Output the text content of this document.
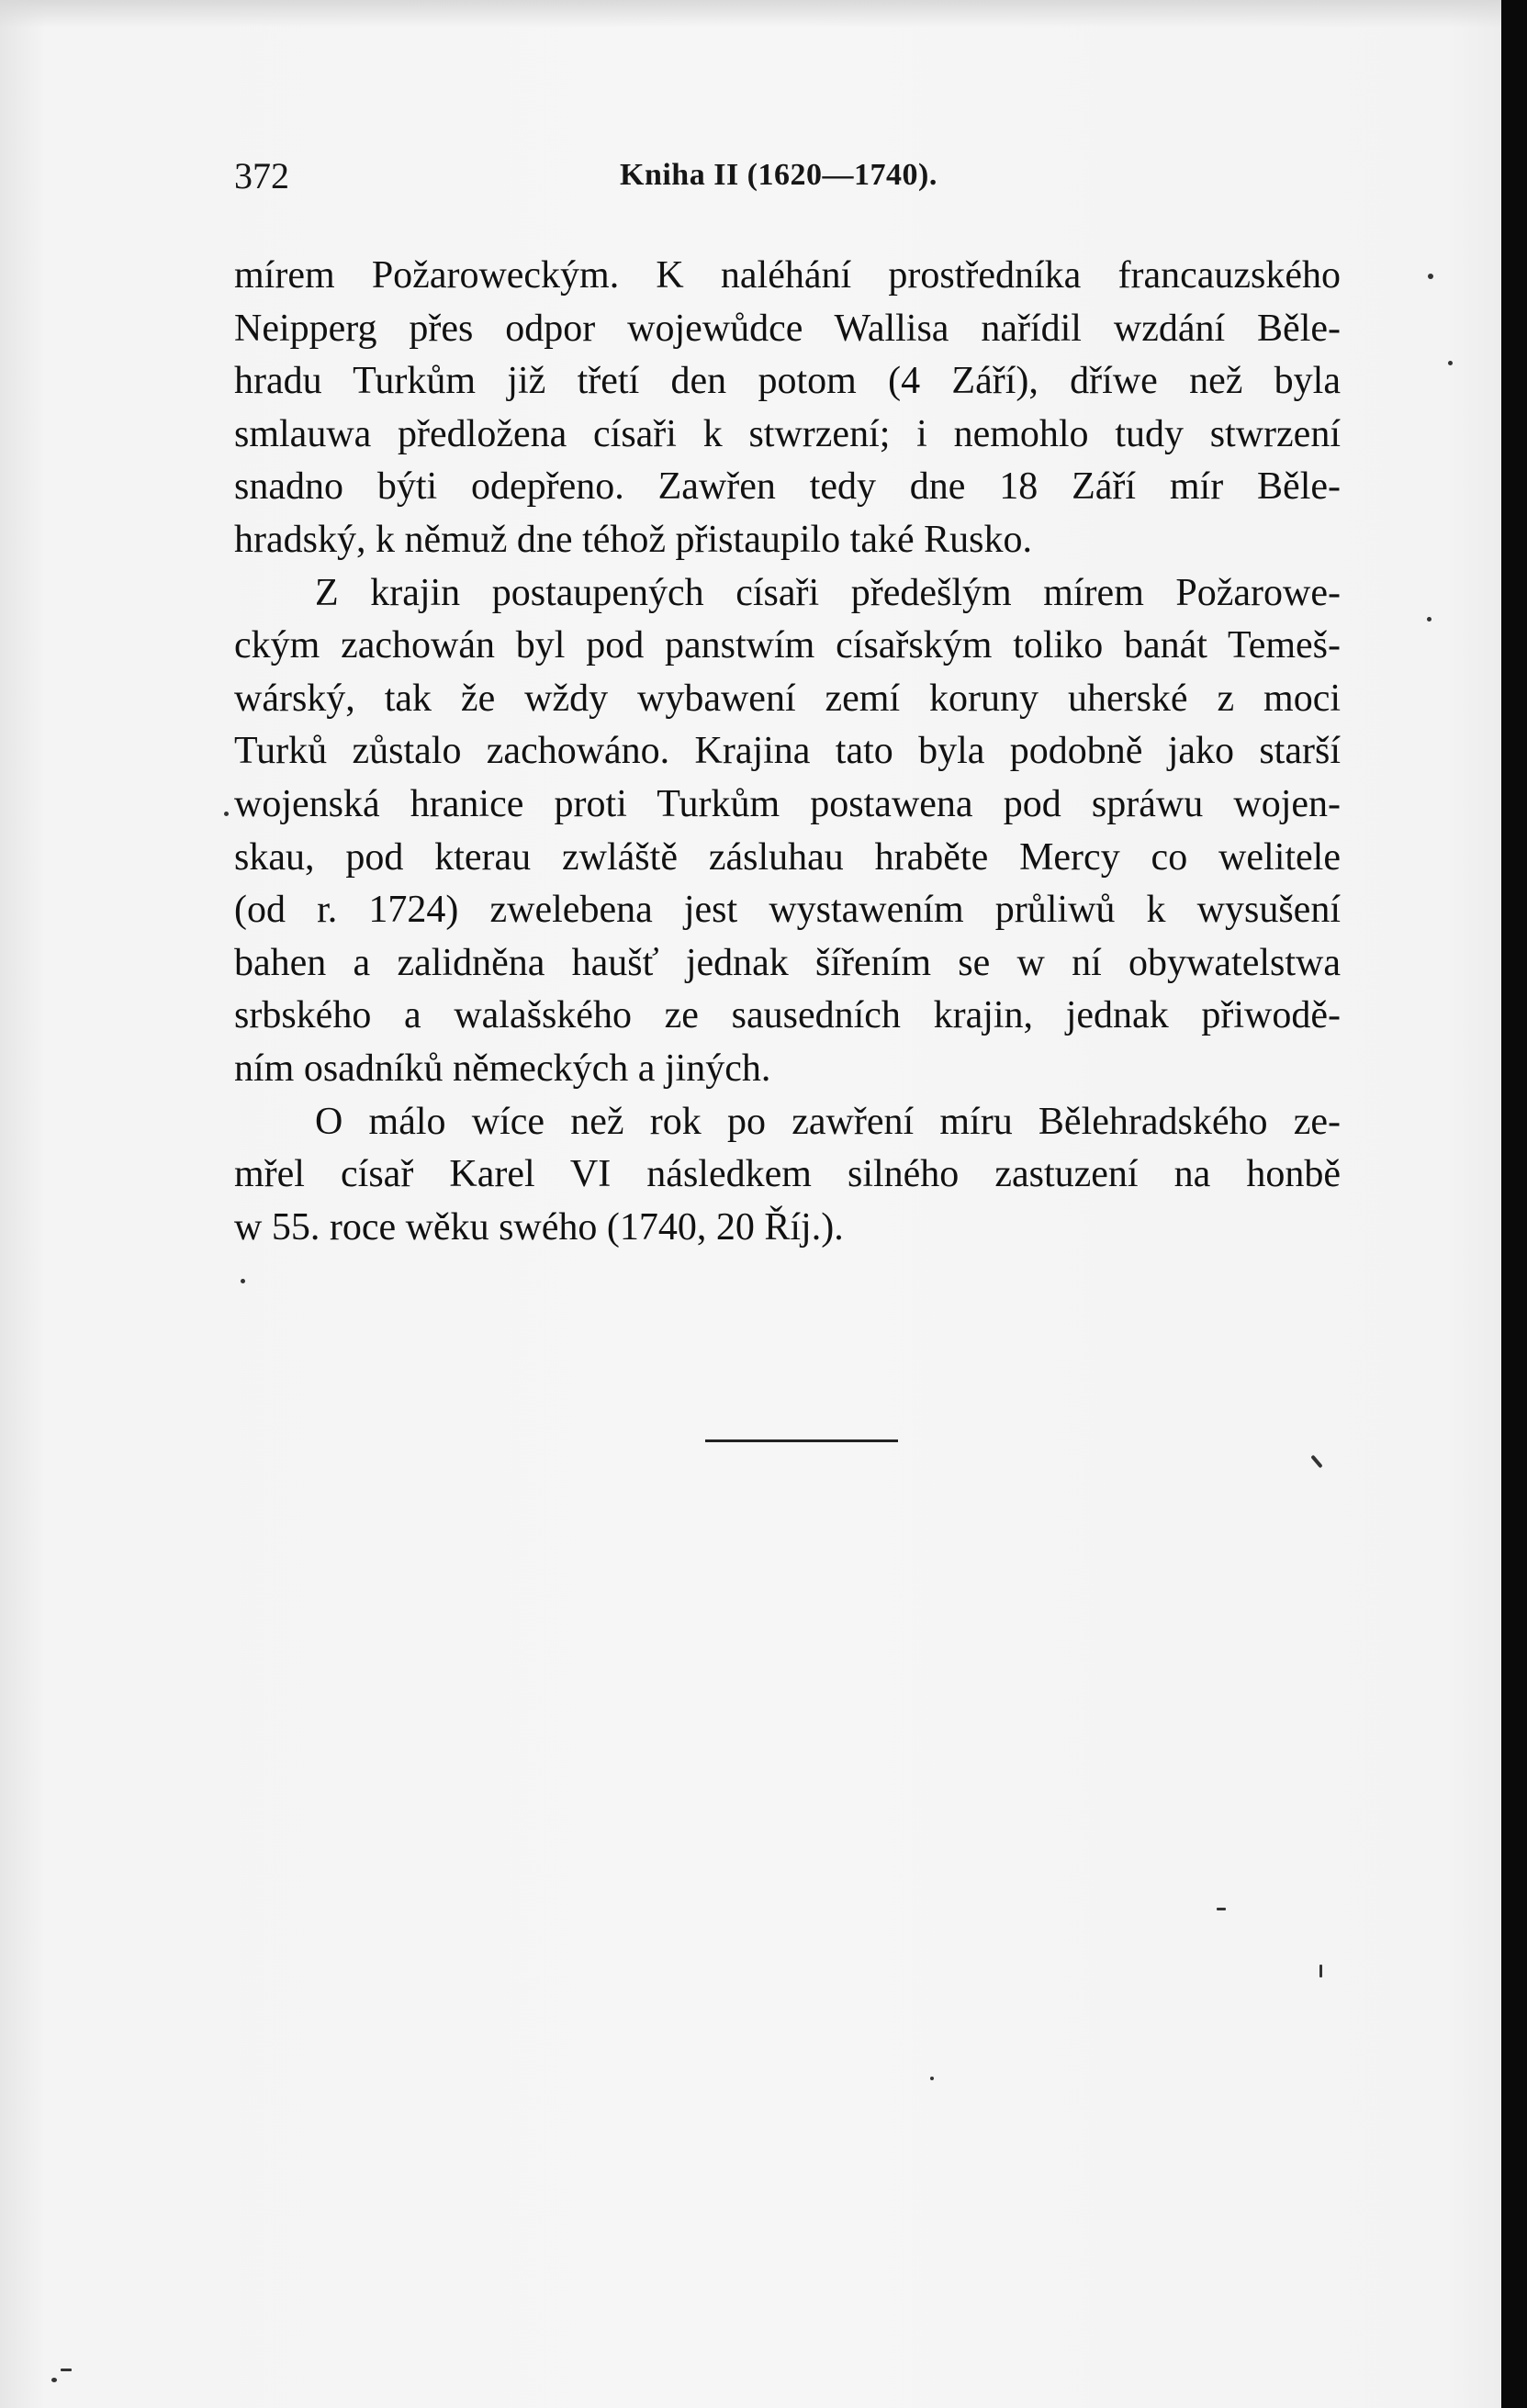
372	Kniha II (1620—1740).
mírem Požaroweckým. K naléhání prostředníka francauzského
Neipperg přes odpor wojewůdce Wallisa nařídil wzdání Běle-
hradu Turkům již třetí den potom (4 Září), dříwe než byla
smlauwa předložena císaři k stwrzení; i nemohlo tudy stwrzení
snadno býti odepřeno. Zawřen tedy dne 18 Září mír Běle-
hradský, k němuž dne téhož přistaupilo také Rusko.
Z krajin postaupených císaři předešlým mírem Požarowe-
ckým zachowán byl pod panstwím císařským toliko banát Temeš-
wárský, tak že wždy wybawení zemí koruny uherské z moci
Turků zůstalo zachowáno. Krajina tato byla podobně jako starší
wojenská hranice proti Turkům postawena pod spráwu wojen-
skau, pod kterau zwláště zásluhau hraběte Mercy co welitele
(od r. 1724) zwelebena jest wystawením průliwů k wysušení
bahen a zalidněna haušť jednak šířením se w ní obywatelstwa
srbského a walašského ze sausedních krajin, jednak přiwodě-
ním osadníků německých a jiných.
O málo wíce než rok po zawření míru Bělehradského ze-
mřel císař Karel VI následkem silného zastuzení na honbě
w 55. roce wěku swého (1740, 20 Říj.).
